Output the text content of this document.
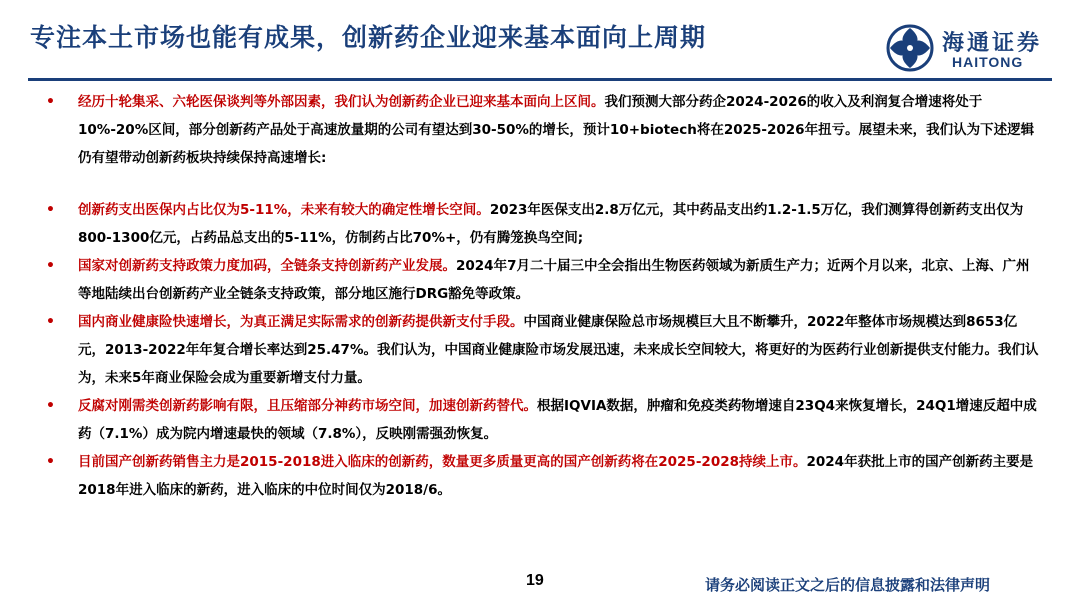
专注本土市场也能有成果，创新药企业迎来基本面向上周期	海通证券
HAITONG
• 经历十轮集采、六轮医保谈判等外部因素，我们认为创新药企业已迎来基本面向上区间。我们预测大部分药企2024-2026的收入及利润复合增速将处于10%-20%区间，部分创新药产品处于高速放量期的公司有望达到30-50%的增长，预计10+biotech将在2025-2026年扭亏。展望未来，我们认为下述逻辑仍有望带动创新药板块持续保持高速增长:
• 创新药支出医保内占比仅为5-11%，未来有较大的确定性增长空间。2023年医保支出2.8万亿元，其中药品支出约1.2-1.5万亿，我们测算得创新药支出仅为800-1300亿元，占药品总支出的5-11%，仿制药占比70%+，仍有腾笼换鸟空间;
• 国家对创新药支持政策力度加码，全链条支持创新药产业发展。2024年7月二十届三中全会指出生物医药领域为新质生产力；近两个月以来，北京、上海、广州等地陆续出台创新药产业全链条支持政策，部分地区施行DRG豁免等政策。
• 国内商业健康险快速增长，为真正满足实际需求的创新药提供新支付手段。中国商业健康保险总市场规模巨大且不断攀升，2022年整体市场规模达到8653亿元，2013-2022年年复合增长率达到25.47%。我们认为，中国商业健康险市场发展迅速，未来成长空间较大，将更好的为医药行业创新提供支付能力。我们认为，未来5年商业保险会成为重要新增支付力量。
• 反腐对刚需类创新药影响有限，且压缩部分神药市场空间，加速创新药替代。根据IQVIA数据，肿瘤和免疫类药物增速自23Q4来恢复增长，24Q1增速反超中成药（7.1%）成为院内增速最快的领域（7.8%），反映刚需强劲恢复。
• 目前国产创新药销售主力是2015-2018进入临床的创新药，数量更多质量更高的国产创新药将在2025-2028持续上市。2024年获批上市的国产创新药主要是2018年进入临床的新药，进入临床的中位时间仅为2018/6。
19	请务必阅读正文之后的信息披露和法律声明
